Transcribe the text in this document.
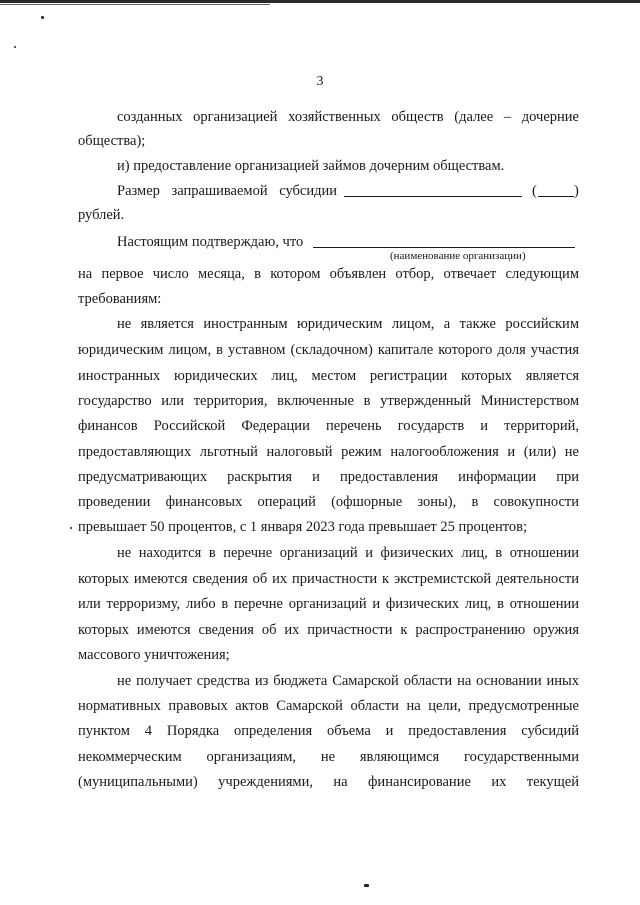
3
созданных организацией хозяйственных обществ (далее – дочерние
общества);
и) предоставление организацией займов дочерним обществам.
Размер запрашиваемой субсидии	(	)
рублей.
Настоящим подтверждаю, что
(наименование организации)
на первое число месяца, в котором объявлен отбор, отвечает следующим
требованиям:
не является иностранным юридическим лицом, а также российским
юридическим лицом, в уставном (складочном) капитале которого доля участия
иностранных юридических лиц, местом регистрации которых является
государство или территория, включенные в утвержденный Министерством
финансов Российской Федерации перечень государств и территорий,
предоставляющих льготный налоговый режим налогообложения и (или) не
предусматривающих раскрытия и предоставления информации при
проведении финансовых операций (офшорные зоны), в совокупности
превышает 50 процентов, с 1 января 2023 года превышает 25 процентов;
не находится в перечне организаций и физических лиц, в отношении
которых имеются сведения об их причастности к экстремистской деятельности
или терроризму, либо в перечне организаций и физических лиц, в отношении
которых имеются сведения об их причастности к распространению оружия
массового уничтожения;
не получает средства из бюджета Самарской области на основании иных
нормативных правовых актов Самарской области на цели, предусмотренные
пунктом 4 Порядка определения объема и предоставления субсидий
некоммерческим организациям, не являющимся государственными
(муниципальными) учреждениями, на финансирование их текущей
